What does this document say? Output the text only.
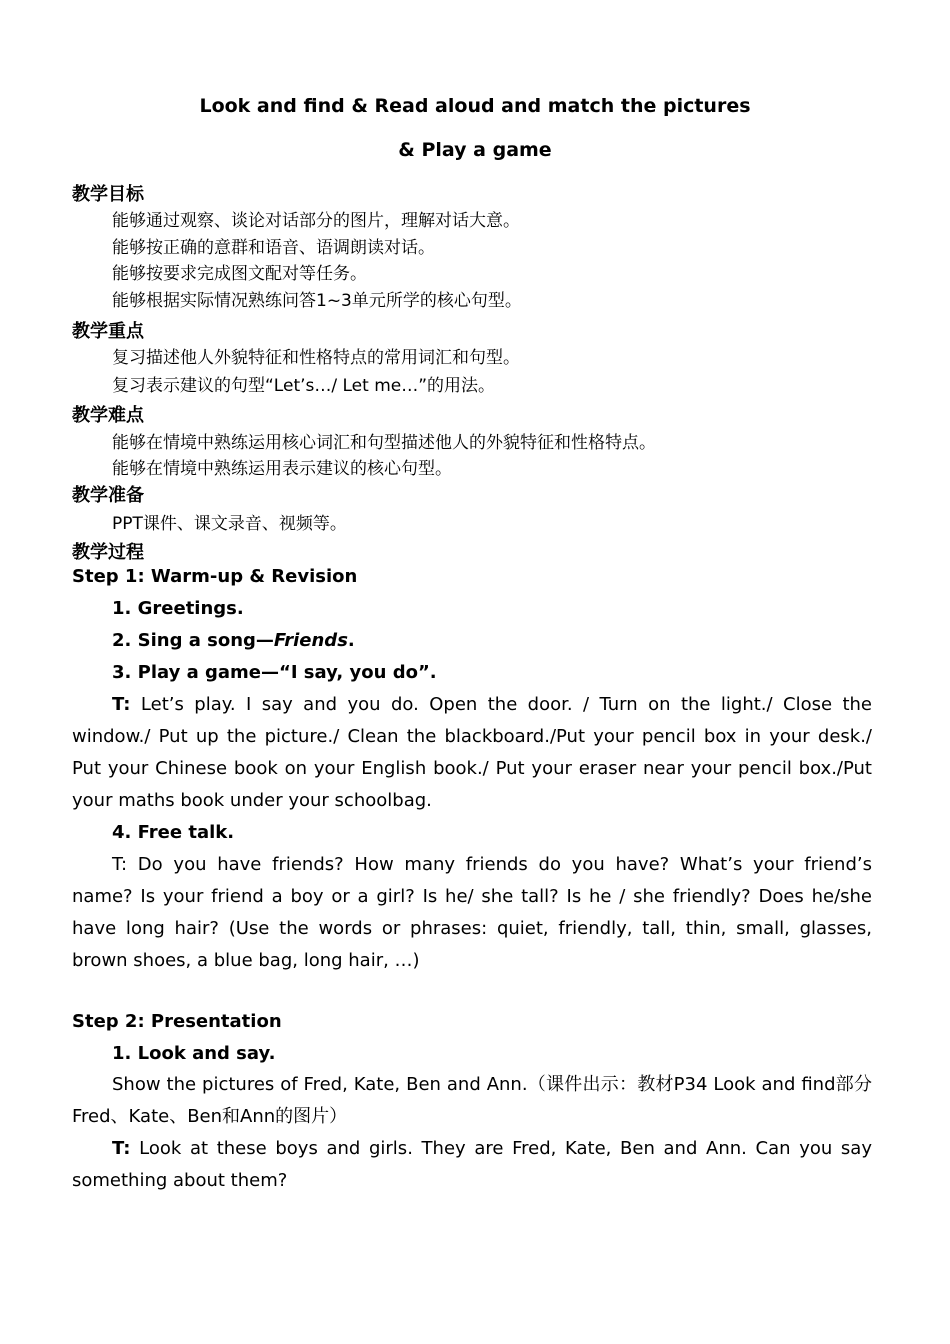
Look and find & Read aloud and match the pictures
& Play a game
教学目标
能够通过观察、谈论对话部分的图片，理解对话大意。
能够按正确的意群和语音、语调朗读对话。
能够按要求完成图文配对等任务。
能够根据实际情况熟练问答1~3单元所学的核心句型。
教学重点
复习描述他人外貌特征和性格特点的常用词汇和句型。
复习表示建议的句型“Let’s…/ Let me…”的用法。
教学难点
能够在情境中熟练运用核心词汇和句型描述他人的外貌特征和性格特点。
能够在情境中熟练运用表示建议的核心句型。
教学准备
PPT课件、课文录音、视频等。
教学过程
Step 1: Warm-up & Revision
1. Greetings.
2. Sing a song—Friends.
3. Play a game—“I say, you do”.
T: Let’s play. I say and you do. Open the door. / Turn on the light./ Close the window./ Put up the picture./ Clean the blackboard./Put your pencil box in your desk./ Put your Chinese book on your English book./ Put your eraser near your pencil box./Put your maths book under your schoolbag.
4. Free talk.
T: Do you have friends? How many friends do you have? What’s your friend’s name? Is your friend a boy or a girl? Is he/ she tall? Is he / she friendly? Does he/she have long hair? (Use the words or phrases: quiet, friendly, tall, thin, small, glasses, brown shoes, a blue bag, long hair, …)
Step 2: Presentation
1. Look and say.
Show the pictures of Fred, Kate, Ben and Ann.（课件出示：教材P34 Look and find部分Fred、Kate、Ben和Ann的图片）
T: Look at these boys and girls. They are Fred, Kate, Ben and Ann. Can you say something about them?
